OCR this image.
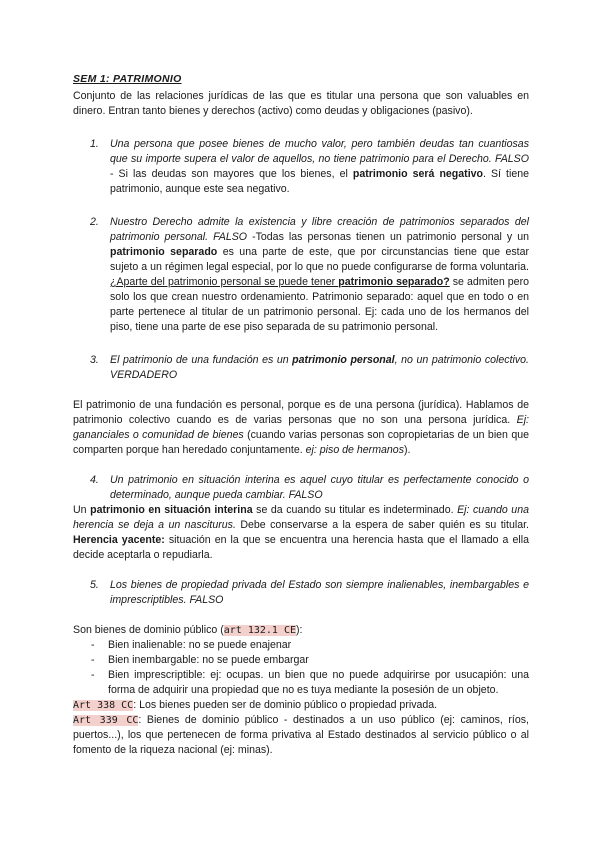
SEM 1: PATRIMONIO

Conjunto de las relaciones jurídicas de las que es titular una persona que son valuables en dinero. Entran tanto bienes y derechos (activo) como deudas y obligaciones (pasivo).

1. Una persona que posee bienes de mucho valor, pero también deudas tan cuantiosas que su importe supera el valor de aquellos, no tiene patrimonio para el Derecho. FALSO - Si las deudas son mayores que los bienes, el patrimonio será negativo. Sí tiene patrimonio, aunque este sea negativo.
2. Nuestro Derecho admite la existencia y libre creación de patrimonios separados del patrimonio personal. FALSO -Todas las personas tienen un patrimonio personal y un patrimonio separado es una parte de este, que por circunstancias tiene que estar sujeto a un régimen legal especial, por lo que no puede configurarse de forma voluntaria. ¿Aparte del patrimonio personal se puede tener patrimonio separado? se admiten pero solo los que crean nuestro ordenamiento. Patrimonio separado: aquel que en todo o en parte pertenece al titular de un patrimonio personal. Ej: cada uno de los hermanos del piso, tiene una parte de ese piso separada de su patrimonio personal.
3. El patrimonio de una fundación es un patrimonio personal, no un patrimonio colectivo. VERDADERO

El patrimonio de una fundación es personal, porque es de una persona (jurídica). Hablamos de patrimonio colectivo cuando es de varias personas que no son una persona jurídica. Ej: gananciales o comunidad de bienes (cuando varias personas son copropietarias de un bien que comparten porque han heredado conjuntamente. ej: piso de hermanos).

4. Un patrimonio en situación interina es aquel cuyo titular es perfectamente conocido o determinado, aunque pueda cambiar. FALSO

Un patrimonio en situación interina se da cuando su titular es indeterminado. Ej: cuando una herencia se deja a un nasciturus. Debe conservarse a la espera de saber quién es su titular. Herencia yacente: situación en la que se encuentra una herencia hasta que el llamado a ella decide aceptarla o repudiarla.

5. Los bienes de propiedad privada del Estado son siempre inalienables, inembargables e imprescriptibles. FALSO

Son bienes de dominio público (art 132.1 CE):

- Bien inalienable: no se puede enajenar
- Bien inembargable: no se puede embargar
- Bien imprescriptible: ej: ocupas. un bien que no puede adquirirse por usucapión: una forma de adquirir una propiedad que no es tuya mediante la posesión de un objeto.

Art 338 CC: Los bienes pueden ser de dominio público o propiedad privada.

Art 339 CC: Bienes de dominio público - destinados a un uso público (ej: caminos, ríos, puertos...), los que pertenecen de forma privativa al Estado destinados al servicio público o al fomento de la riqueza nacional (ej: minas).
